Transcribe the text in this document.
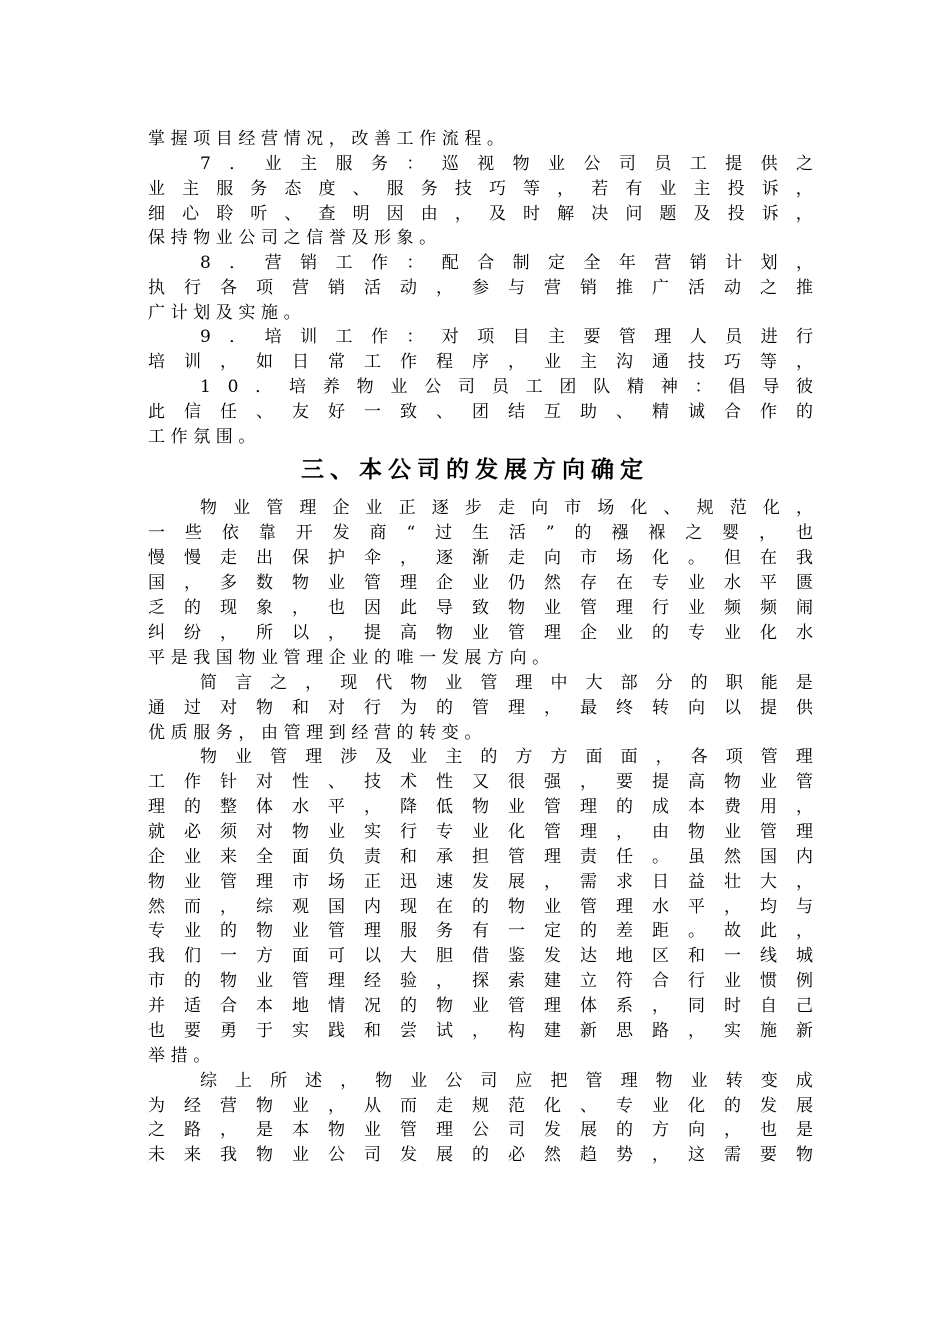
三、本公司的发展方向确定
掌 握 项 目 经 营 情 况 ， 改 善 工 作 流 程 。
7 ． 业 主 服 务 ： 巡 视 物 业 公 司 员 工 提 供 之
业 主 服 务 态 度 、 服 务 技 巧 等 ， 若 有 业 主 投 诉 ，
细 心 聆 听 、 查 明 因 由 ， 及 时 解 决 问 题 及 投 诉 ，
保 持 物 业 公 司 之 信 誉 及 形 象 。
8 ． 营 销 工 作 ： 配 合 制 定 全 年 营 销 计 划 ，
执 行 各 项 营 销 活 动 ， 参 与 营 销 推 广 活 动 之 推
广 计 划 及 实 施 。
9 ． 培 训 工 作 ： 对 项 目 主 要 管 理 人 员 进 行
培 训 ， 如 日 常 工 作 程 序 ， 业 主 沟 通 技 巧 等 ，
1 0 ． 培 养 物 业 公 司 员 工 团 队 精 神 ： 倡 导 彼
此 信 任 、 友 好 一 致 、 团 结 互 助 、 精 诚 合 作 的
工 作 氛 围 。
物 业 管 理 企 业 正 逐 步 走 向 市 场 化 、 规 范 化 ，
一 些 依 靠 开 发 商 “ 过 生 活 ” 的 襁 褓 之 婴 ， 也
慢 慢 走 出 保 护 伞 ， 逐 渐 走 向 市 场 化 。 但 在 我
国 ， 多 数 物 业 管 理 企 业 仍 然 存 在 专 业 水 平 匮
乏 的 现 象 ， 也 因 此 导 致 物 业 管 理 行 业 频 频 闹
纠 纷 ， 所 以 ， 提 高 物 业 管 理 企 业 的 专 业 化 水
平 是 我 国 物 业 管 理 企 业 的 唯 一 发 展 方 向 。
简 言 之 ， 现 代 物 业 管 理 中 大 部 分 的 职 能 是
通 过 对 物 和 对 行 为 的 管 理 ， 最 终 转 向 以 提 供
优 质 服 务 ， 由 管 理 到 经 营 的 转 变 。
物 业 管 理 涉 及 业 主 的 方 方 面 面 ， 各 项 管 理
工 作 针 对 性 、 技 术 性 又 很 强 ， 要 提 高 物 业 管
理 的 整 体 水 平 ， 降 低 物 业 管 理 的 成 本 费 用 ，
就 必 须 对 物 业 实 行 专 业 化 管 理 ， 由 物 业 管 理
企 业 来 全 面 负 责 和 承 担 管 理 责 任 。 虽 然 国 内
物 业 管 理 市 场 正 迅 速 发 展 ， 需 求 日 益 壮 大 ，
然 而 ， 综 观 国 内 现 在 的 物 业 管 理 水 平 ， 均 与
专 业 的 物 业 管 理 服 务 有 一 定 的 差 距 。 故 此 ，
我 们 一 方 面 可 以 大 胆 借 鉴 发 达 地 区 和 一 线 城
市 的 物 业 管 理 经 验 ， 探 索 建 立 符 合 行 业 惯 例
并 适 合 本 地 情 况 的 物 业 管 理 体 系 ， 同 时 自 己
也 要 勇 于 实 践 和 尝 试 ， 构 建 新 思 路 ， 实 施 新
举 措 。
综 上 所 述 ， 物 业 公 司 应 把 管 理 物 业 转 变 成
为 经 营 物 业 ， 从 而 走 规 范 化 、 专 业 化 的 发 展
之 路 ， 是 本 物 业 管 理 公 司 发 展 的 方 向 ， 也 是
未 来 我 物 业 公 司 发 展 的 必 然 趋 势 ， 这 需 要 物
